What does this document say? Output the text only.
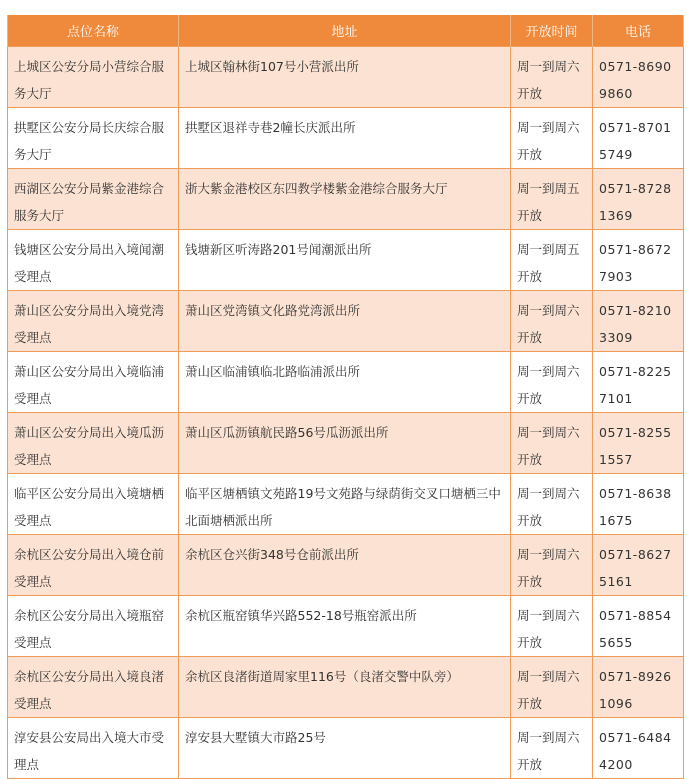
点位名称	地址	开放时间	电话
上城区公安分局小营综合服务大厅	上城区翰林街107号小营派出所	周一到周六开放	0571-86909860
拱墅区公安分局长庆综合服务大厅	拱墅区退祥寺巷2幢长庆派出所	周一到周六开放	0571-87015749
西湖区公安分局紫金港综合服务大厅	浙大紫金港校区东四教学楼紫金港综合服务大厅	周一到周五开放	0571-87281369
钱塘区公安分局出入境闻潮受理点	钱塘新区听涛路201号闻潮派出所	周一到周五开放	0571-86727903
萧山区公安分局出入境党湾受理点	萧山区党湾镇文化路党湾派出所	周一到周六开放	0571-82103309
萧山区公安分局出入境临浦受理点	萧山区临浦镇临北路临浦派出所	周一到周六开放	0571-82257101
萧山区公安分局出入境瓜沥受理点	萧山区瓜沥镇航民路56号瓜沥派出所	周一到周六开放	0571-82551557
临平区公安分局出入境塘栖受理点	临平区塘栖镇文苑路19号文苑路与绿荫街交叉口塘栖三中北面塘栖派出所	周一到周六开放	0571-86381675
余杭区公安分局出入境仓前受理点	余杭区仓兴街348号仓前派出所	周一到周六开放	0571-86275161
余杭区公安分局出入境瓶窑受理点	余杭区瓶窑镇华兴路552-18号瓶窑派出所	周一到周六开放	0571-88545655
余杭区公安分局出入境良渚受理点	余杭区良渚街道周家里116号（良渚交警中队旁）	周一到周六开放	0571-89261096
淳安县公安局出入境大市受理点	淳安县大墅镇大市路25号	周一到周六开放	0571-64844200
